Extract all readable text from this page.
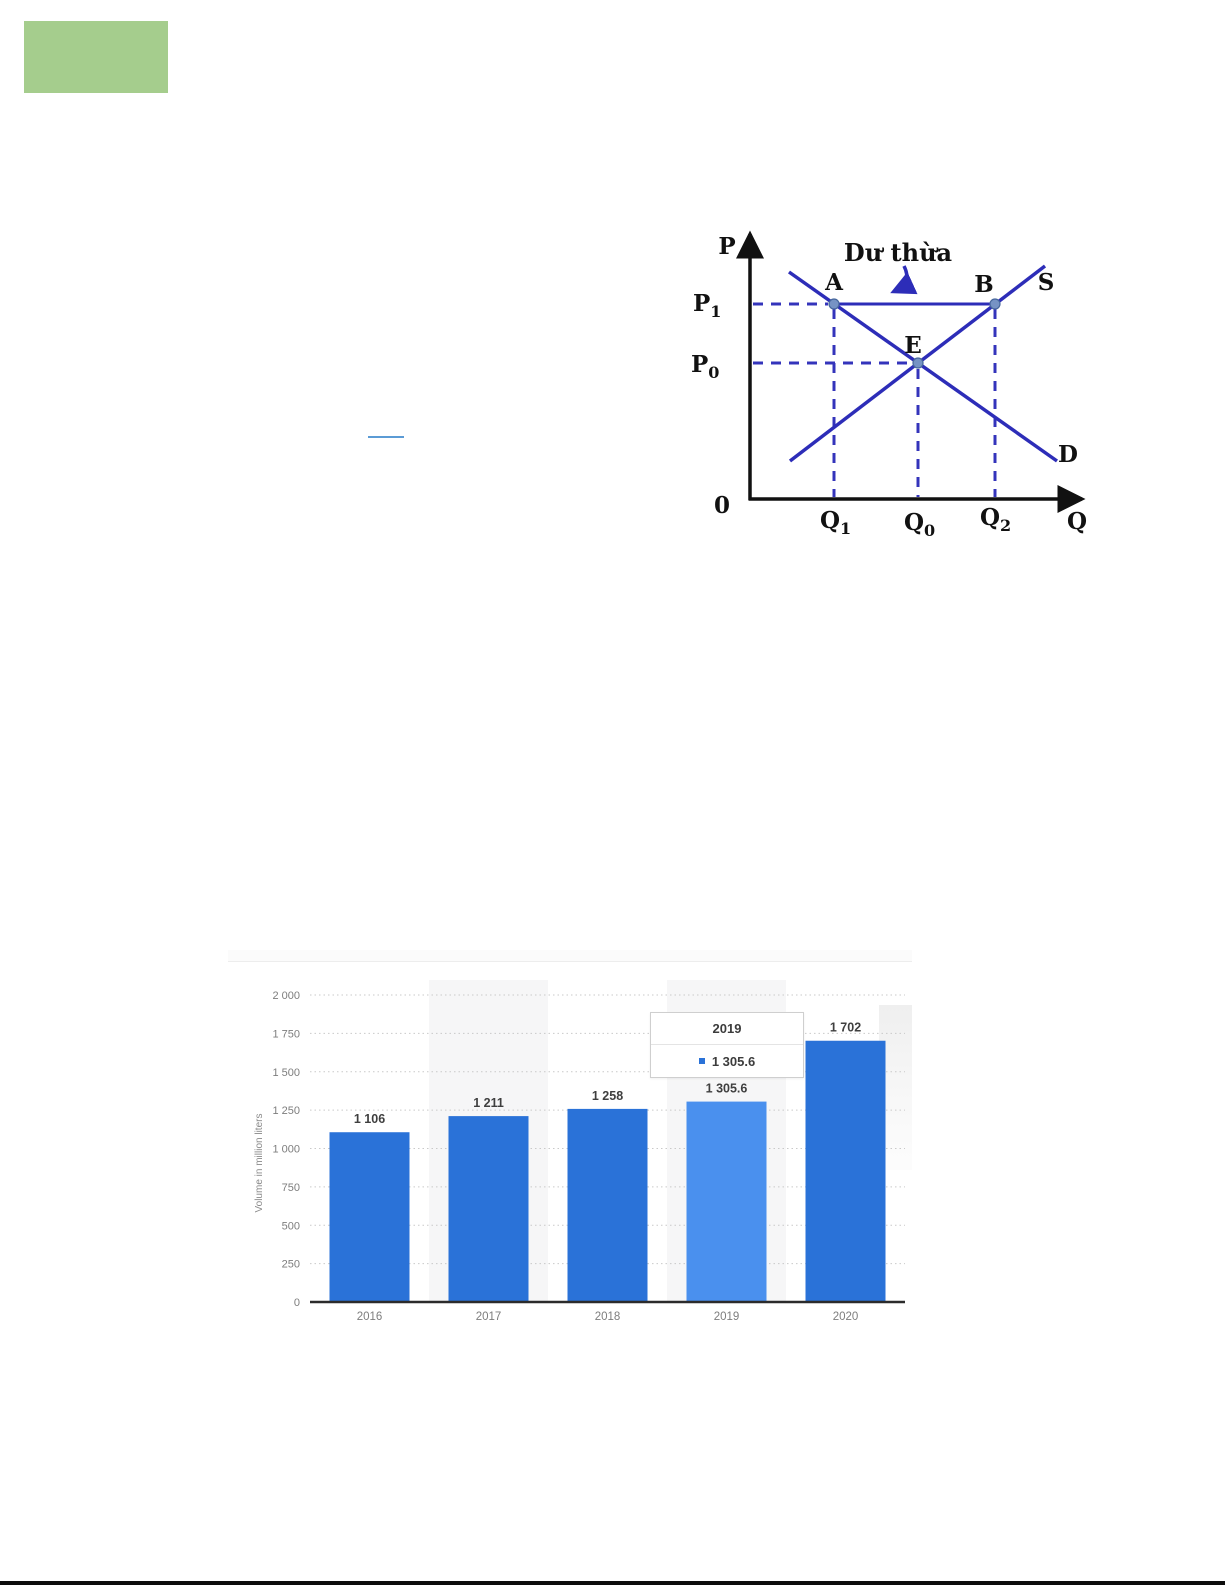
P
Q
0
A	B
E
S
D
Dư thừa
$P_1$
$P_0$
$Q_1$ $Q_0$ $Q_2$
0
250
500
750
1 000
1 250
1 500
1 750
2 000
Volume in million liters	1 106
2016
1 211
2017
1 258
2018
1 305.6
2019
1 702
2020
2019
1 305.6
